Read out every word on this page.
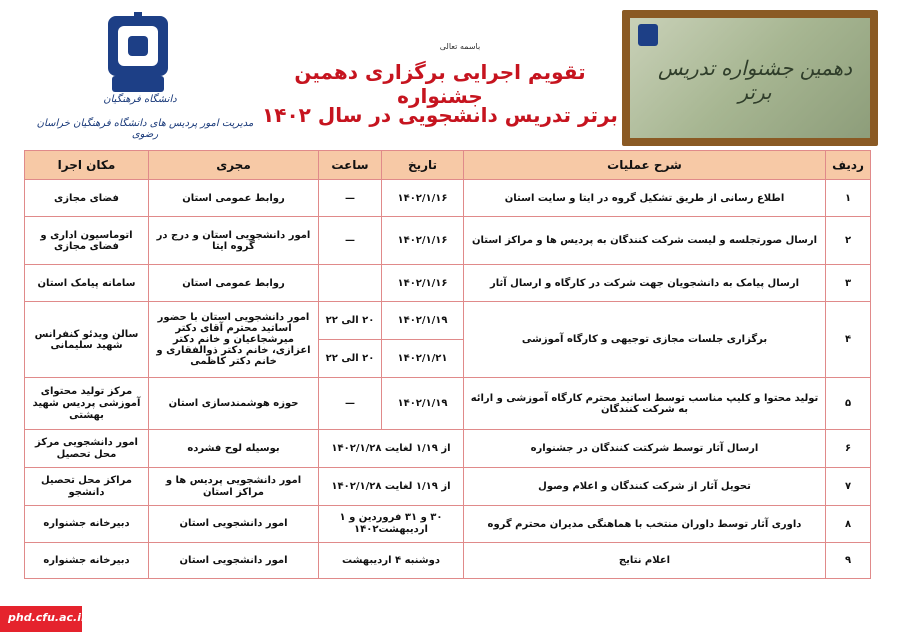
دانشگاه فرهنگیان
مدیریت امور پردیس های دانشگاه فرهنگیان خراسان رضوی
باسمه تعالی
تقویم اجرایی برگزاری دهمین جشنواره
برتر تدریس دانشجویی در سال ۱۴۰۲
دهمین جشنواره تدریس برتر
ردیف	شرح عملیات	تاریخ	ساعت	مجری	مکان اجرا
۱	اطلاع رسانی از طریق تشکیل گروه در ایتا و سایت استان	۱۴۰۲/۱/۱۶	—	روابط عمومی استان	فضای مجازی
۲	ارسال صورتجلسه و لیست شرکت کنندگان به پردیس ها و مراکز استان	۱۴۰۲/۱/۱۶	—	امور دانشجویی استان و درج در گروه ایتا	اتوماسیون اداری و فضای مجازی
۳	ارسال پیامک به دانشجویان جهت شرکت در کارگاه و ارسال آثار	۱۴۰۲/۱/۱۶		روابط عمومی استان	سامانه پیامک استان
۴	برگزاری جلسات مجازی توجیهی و کارگاه آموزشی	۱۴۰۲/۱/۱۹	۲۰ الی ۲۲	امور دانشجویی استان با حضور اساتید محترم آقای دکتر میرشجاعیان و خانم دکتر اعزازی، خانم دکتر ذوالفقاری و خانم دکتر کاظمی	سالن ویدئو کنفرانس شهید سلیمانی
		۱۴۰۲/۱/۲۱	۲۰ الی ۲۲		
۵	تولید محتوا و کلیپ مناسب توسط اساتید محترم کارگاه آموزشی و ارائه به شرکت کنندگان	۱۴۰۲/۱/۱۹	—	حوزه هوشمندسازی استان	مرکز تولید محتوای آموزشی پردیس شهید بهشتی
۶	ارسال آثار توسط شرکتت کنندگان در جشنواره	از ۱/۱۹ لغایت ۱۴۰۲/۱/۲۸		بوسیله لوح فشرده	امور دانشجویی مرکز محل تحصیل
۷	تحویل آثار از شرکت کنندگان و اعلام وصول	از ۱/۱۹ لغایت ۱۴۰۲/۱/۲۸		امور دانشجویی پردیس ها و مراکز استان	مراکز محل تحصیل دانشجو
۸	داوری آثار توسط داوران منتخب با هماهنگی مدیران محترم گروه	۳۰ و ۳۱ فروردین و ۱ اردیبهشت۱۴۰۲		امور دانشجویی استان	دبیرخانه جشنواره
۹	اعلام نتایج	دوشنبه ۴ اردیبهشت		امور دانشجویی استان	دبیرخانه جشنواره
phd.cfu.ac.ir
